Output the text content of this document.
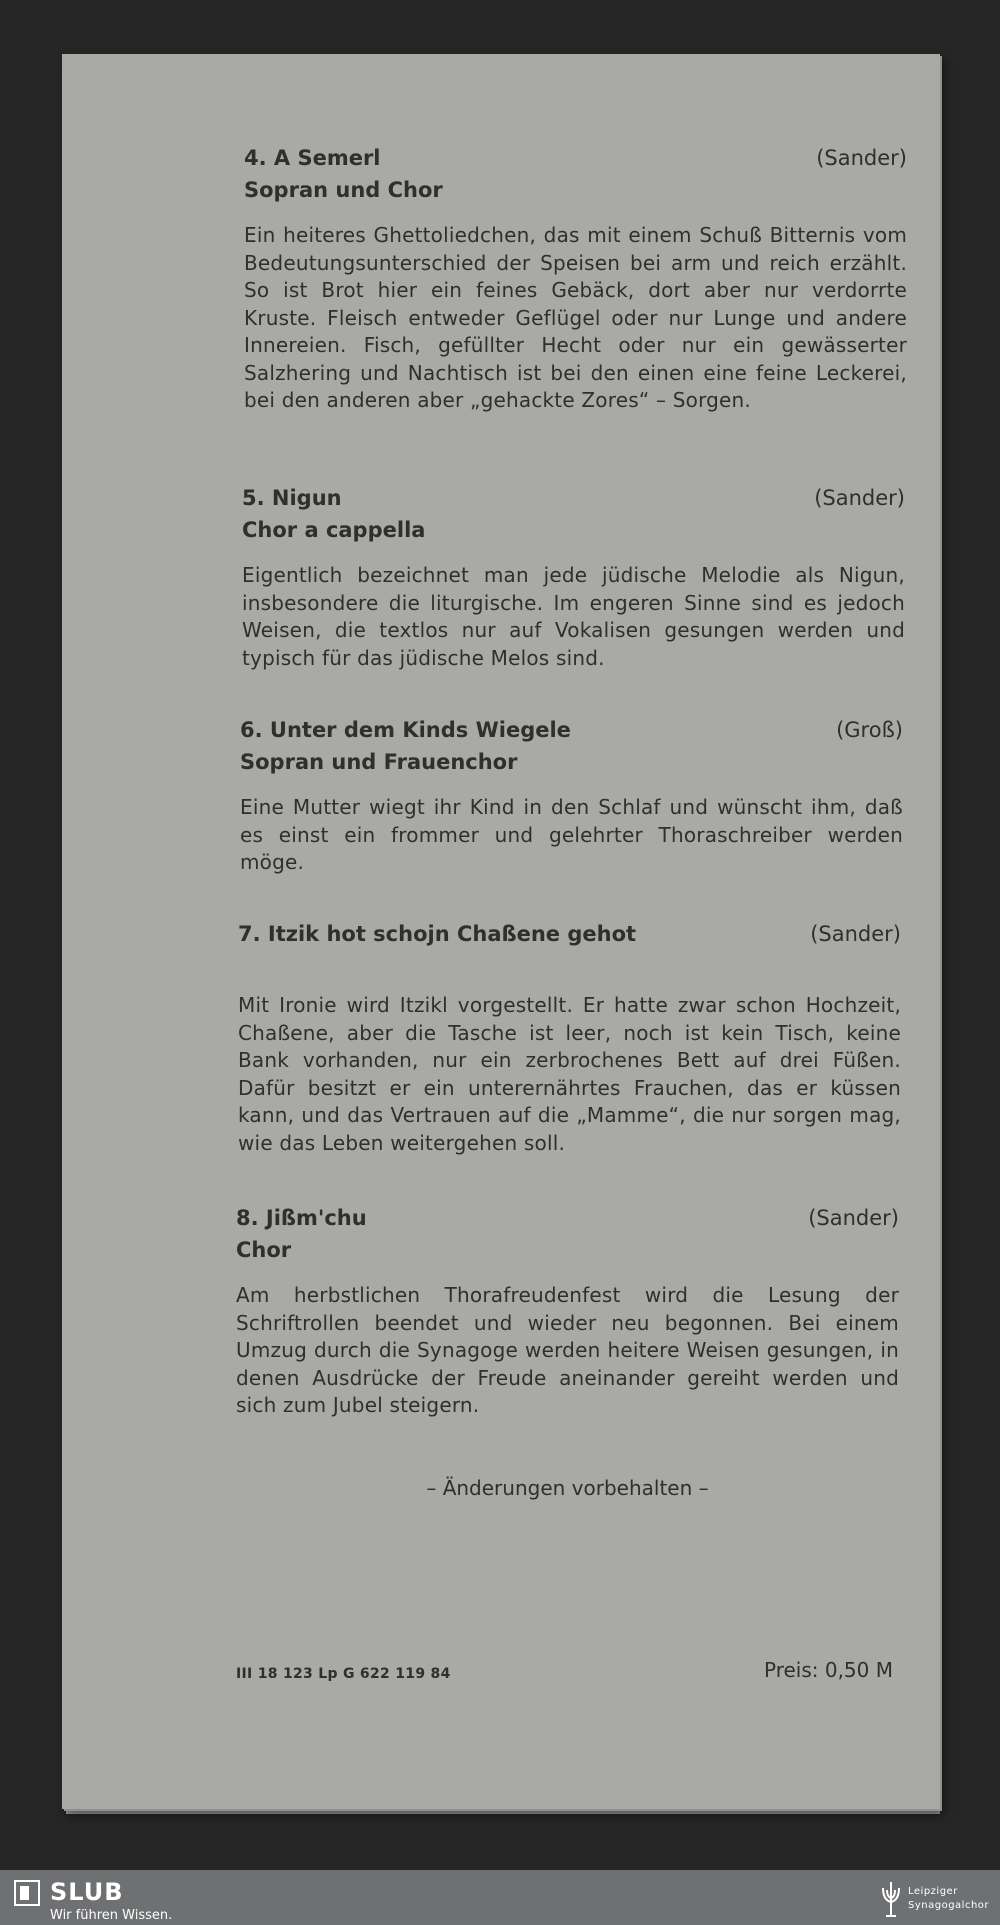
4. A Semerl	(Sander)
Sopran und Chor
Ein heiteres Ghettoliedchen, das mit einem Schuß Bitternis vom Bedeutungsunterschied der Speisen bei arm und reich erzählt. So ist Brot hier ein feines Gebäck, dort aber nur verdorrte Kruste. Fleisch entweder Geflügel oder nur Lunge und andere Innereien. Fisch, gefüllter Hecht oder nur ein gewässerter Salzhering und Nachtisch ist bei den einen eine feine Leckerei, bei den anderen aber „gehackte Zores“ – Sorgen.
5. Nigun	(Sander)
Chor a cappella
Eigentlich bezeichnet man jede jüdische Melodie als Nigun, insbesondere die liturgische. Im engeren Sinne sind es jedoch Weisen, die textlos nur auf Vokalisen gesungen werden und typisch für das jüdische Melos sind.
6. Unter dem Kinds Wiegele	(Groß)
Sopran und Frauenchor
Eine Mutter wiegt ihr Kind in den Schlaf und wünscht ihm, daß es einst ein frommer und gelehrter Thoraschreiber werden möge.
7. Itzik hot schojn Chaßene gehot	(Sander)
Mit Ironie wird Itzikl vorgestellt. Er hatte zwar schon Hochzeit, Chaßene, aber die Tasche ist leer, noch ist kein Tisch, keine Bank vorhanden, nur ein zerbrochenes Bett auf drei Füßen. Dafür besitzt er ein unterernährtes Frauchen, das er küssen kann, und das Vertrauen auf die „Mamme“, die nur sorgen mag, wie das Leben weitergehen soll.
8. Jißm'chu	(Sander)
Chor
Am herbstlichen Thorafreudenfest wird die Lesung der Schriftrollen beendet und wieder neu begonnen. Bei einem Umzug durch die Synagoge werden heitere Weisen gesungen, in denen Ausdrücke der Freude aneinander gereiht werden und sich zum Jubel steigern.
– Änderungen vorbehalten –
III 18 123 Lp G 622 119 84	Preis: 0,50 M
SLUB
Wir führen Wissen.
Leipziger
Synagogalchor
